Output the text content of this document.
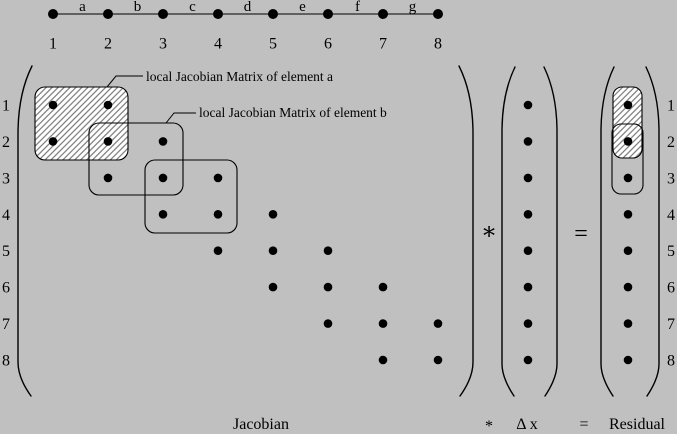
a	b	c	d	e	f	g
1	2	3	4	5	6	7	8
local Jacobian Matrix of element a
local Jacobian Matrix of element b
1
2
3
4
5
6
7
8
∗	=
1
2
3
4
5
6
7
8
Jacobian	* Δ x	= Residual
